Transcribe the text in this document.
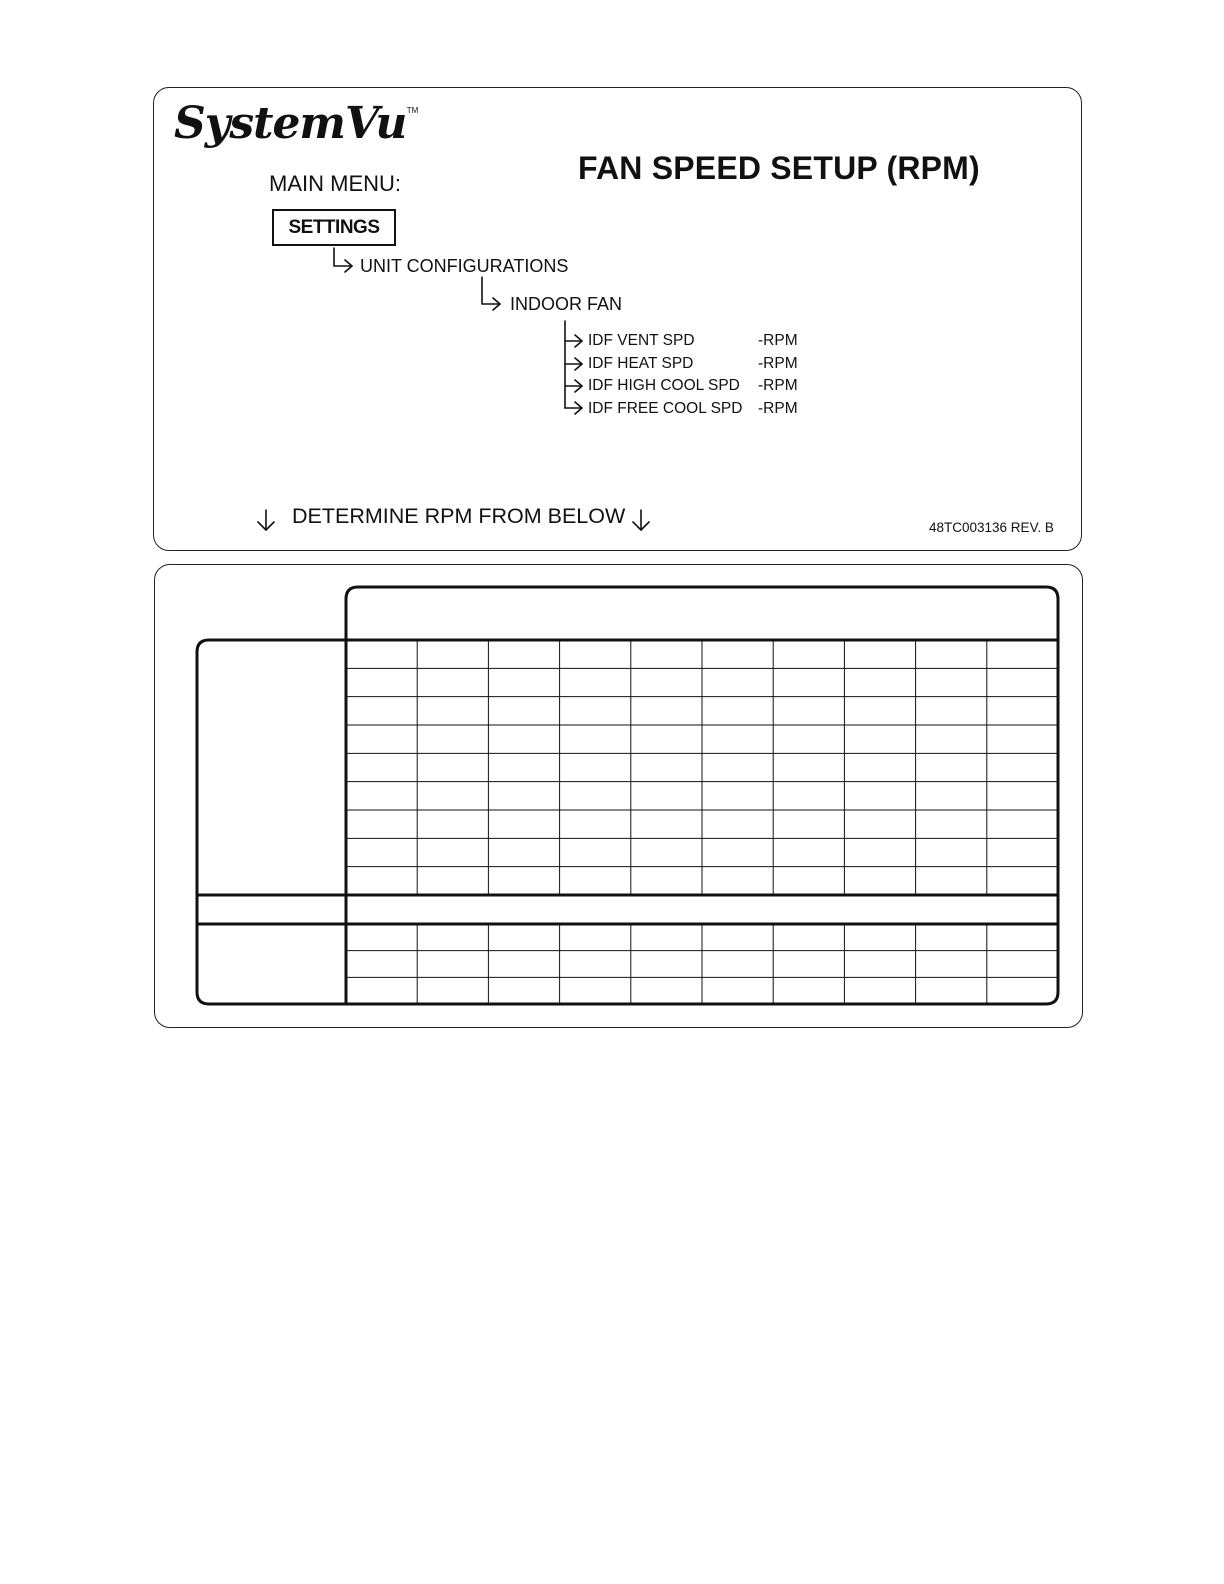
SystemVu TM
FAN SPEED SETUP (RPM)
MAIN MENU:
SETTINGS
UNIT CONFIGURATIONS
INDOOR FAN
IDF VENT SPD	-RPM
IDF HEAT SPD	-RPM
IDF HIGH COOL SPD -RPM
IDF FREE COOL SPD -RPM
DETERMINE RPM FROM BELOW	48TC003136 REV. B
